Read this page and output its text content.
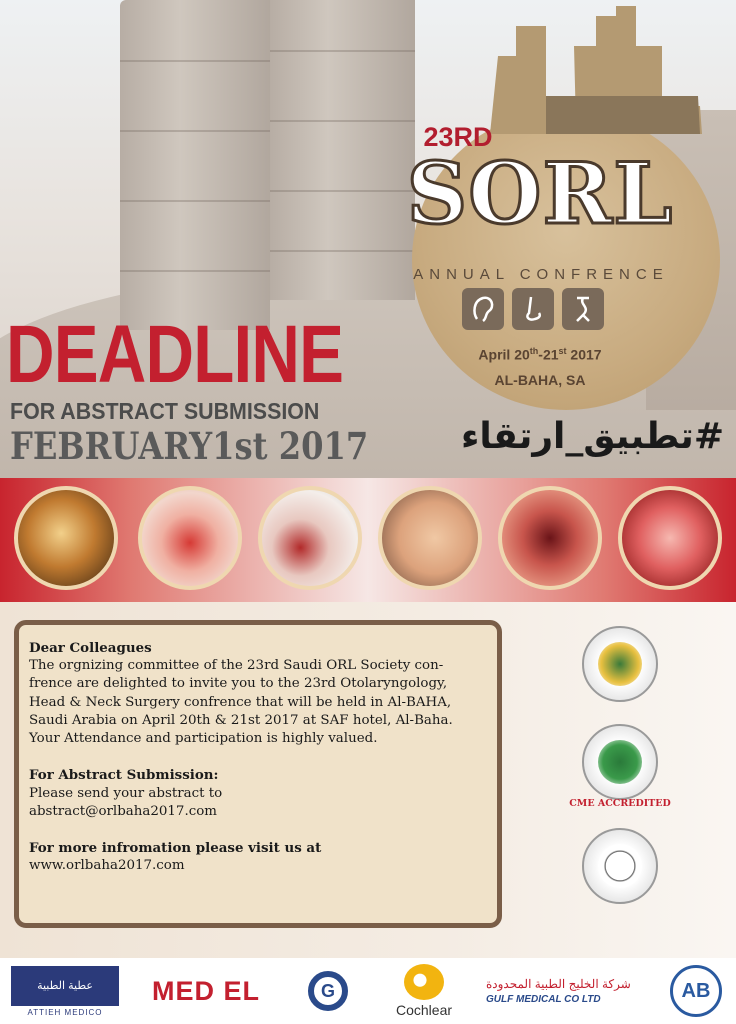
23RD
SORL
ANNUAL CONFRENCE
April 20th-21st 2017
AL-BAHA, SA
DEADLINE
FOR ABSTRACT SUBMISSION
FEBRUARY1st 2017	#تطبيق_ارتقاء
Dear Colleagues
The orgnizing committee of the 23rd Saudi ORL Society con-
frence are delighted to invite you to the 23rd Otolaryngology,
Head & Neck Surgery confrence that will be held in Al-BAHA,
Saudi Arabia on April 20th & 21st 2017 at SAF hotel, Al-Baha.
Your Attendance and participation is highly valued.
For Abstract Submission:
Please send your abstract to
abstract@orlbaha2017.com
For more infromation please visit us at
www.orlbaha2017.com
CME ACCREDITED
عطية الطبية
ATTIEH MEDICO
MED EL	G
Cochlear
شركة الخليج الطبية المحدودة
GULF MEDICAL CO LTD	AB
